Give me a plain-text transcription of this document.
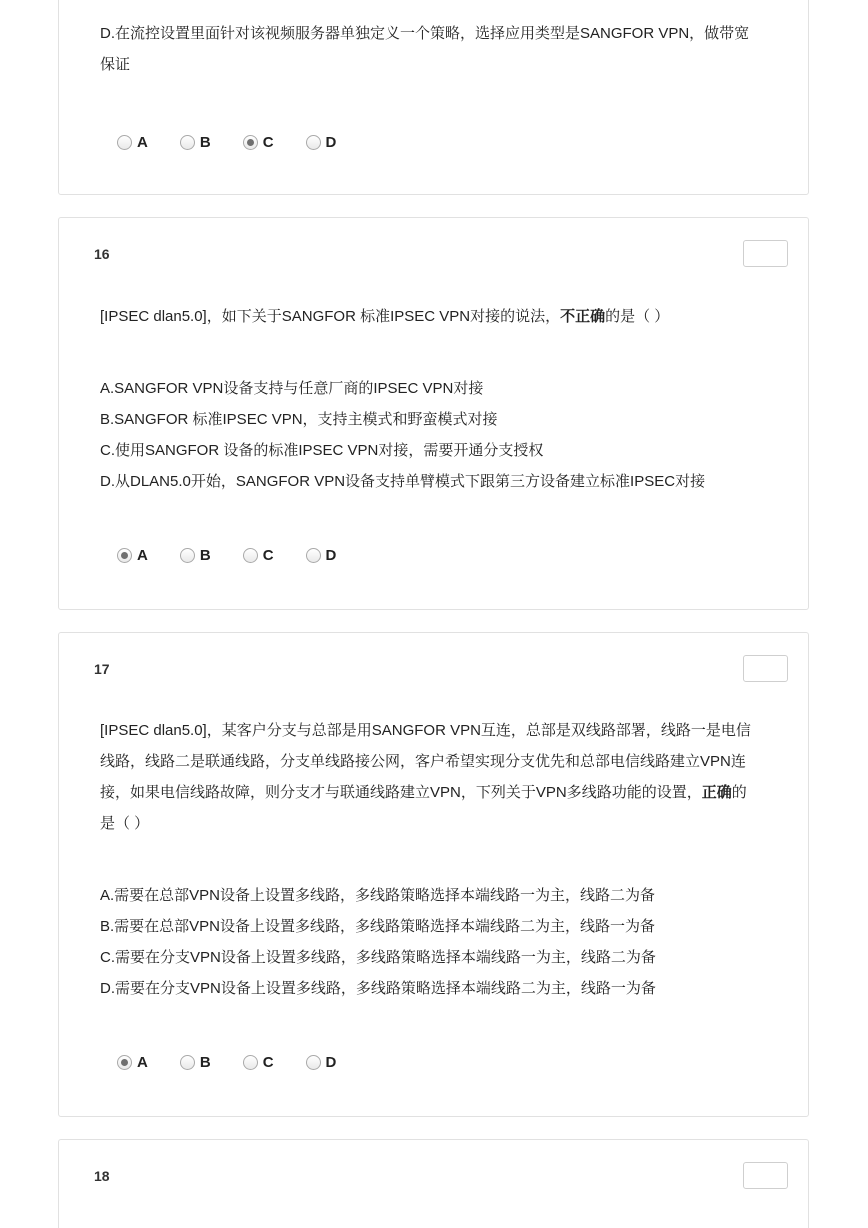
D.在流控设置里面针对该视频服务器单独定义一个策略，选择应用类型是SANGFOR VPN，做带宽
保证
A	B	C	D
16
[IPSEC dlan5.0]，如下关于SANGFOR 标准IPSEC VPN对接的说法，不正确的是（ ）
A.SANGFOR VPN设备支持与任意厂商的IPSEC VPN对接
B.SANGFOR 标准IPSEC VPN，支持主模式和野蛮模式对接
C.使用SANGFOR 设备的标准IPSEC VPN对接，需要开通分支授权
D.从DLAN5.0开始，SANGFOR VPN设备支持单臂模式下跟第三方设备建立标准IPSEC对接
A	B	C	D
17
[IPSEC dlan5.0]，某客户分支与总部是用SANGFOR VPN互连，总部是双线路部署，线路一是电信
线路，线路二是联通线路，分支单线路接公网，客户希望实现分支优先和总部电信线路建立VPN连
接，如果电信线路故障，则分支才与联通线路建立VPN，下列关于VPN多线路功能的设置，正确的
是（ ）
A.需要在总部VPN设备上设置多线路，多线路策略选择本端线路一为主，线路二为备
B.需要在总部VPN设备上设置多线路，多线路策略选择本端线路二为主，线路一为备
C.需要在分支VPN设备上设置多线路，多线路策略选择本端线路一为主，线路二为备
D.需要在分支VPN设备上设置多线路，多线路策略选择本端线路二为主，线路一为备
A	B	C	D
18
